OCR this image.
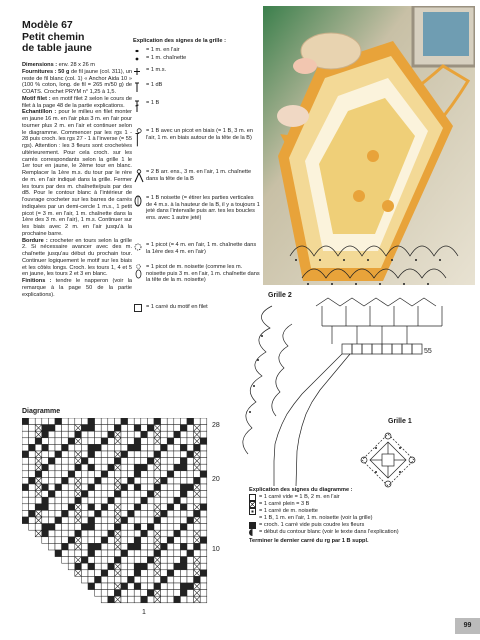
Modèle 67
Petit chemin
de table jaune

Dimensions : env. 28 x 26 m

Fournitures : 50 g de fil jaune (col. 311), un reste de fil blanc (col. 1) « Anchor Aida 10 » (100 % coton, long. de fil = 265 m/50 g) de COATS. Crochet PRYM n° 1,25 à 1,5.

Motif filet : en motif filet 2 selon le cours de filet à la page 48 de la partie explications.

Echantillon : pour le milieu en filet monter en jaune 16 m. en l'air plus 3 m. en l'air pour tourner plus 2 m. en l'air et continuer selon le diagramme. Commencer par les rgs 1 - 28 puis croch. les rgs 27 - 1 à l'inverse (= 55 rgs). Attention : les 3 fleurs sont crochetées ultérieurement. Pour cela croch. sur les carrés correspondants selon la grille 1 le 1er tour en jaune, le 2ème tour en blanc. Remplacer la 1ère m.s. du tour par le rère de m. en l'air indiqué dans la grille. Fermer les tours par des m. chaînette/puis par des dB. Pour le contour blanc à l'intérieur de l'ouvrage crocheter sur les barres de carrés indiquées par un demi-cercle 1 m.s., 1 petit picot (= 3 m. en l'air, 1 m. chaînette dans la 1ère des 3 m. en l'air), 1 m.s. Continuer sur les biais avec 2 m. en l'air jusqu'à la prochaine barre.

Bordure : crocheter en tours selon la grille 2. Si nécessaire avancer avec des m. chaînette jusqu'au début du prochain tour. Continuer logiquement le motif sur les biais et les côtés longs. Croch. les tours 1, 4 et 5 en jaune, les tours 2 et 3 en blanc.

Finitions : tendre le napperon (voir la remarque à la page 50 de la partie explications).

Explication des signes de la grille :
= 1 m. en l'air
= 1 m. chaînette
= 1 m.s.
= 1 dB
= 1 B
= 1 B avec un picot en biais (= 1 B, 3 m. en l'air, 1 m. en biais autour de la tête de la B)
= 2 B arr. ens., 3 m. en l'air, 1 m. chaînette dans la tête de la B
= 1 B noisette (= étirer les parties verticales de 4 m.s. à la hauteur de la B, il y a toujours 1 jeté dans l'intervalle puis arr. tes les boucles ens. avec 1 autre jeté)
= 1 picot (= 4 m. en l'air, 1 m. chaînette dans la 1ère des 4 m. en l'air)
= 1 picot de m. noisette (comme les m. noisette puis 3 m. en l'air, 1 m. chaînette dans la tête de la m. noisette)
= 1 carré du motif en filet
Grille 2
55
Grille 1
Diagramme
28
20
10
1
Explication des signes du diagramme :
= 1 carré vide = 1 B, 2 m. en l'air
= 1 carré plein = 3 B
= 1 carré de m. noisette
= 1 B, 1 m. en l'air, 1 m. noisette (voir la grille)
= croch. 1 carré vide puis coudre les fleurs
= début du contour blanc (voir le texte dans l'explication)
Terminer le dernier carré du rg par 1 B suppl.
99
